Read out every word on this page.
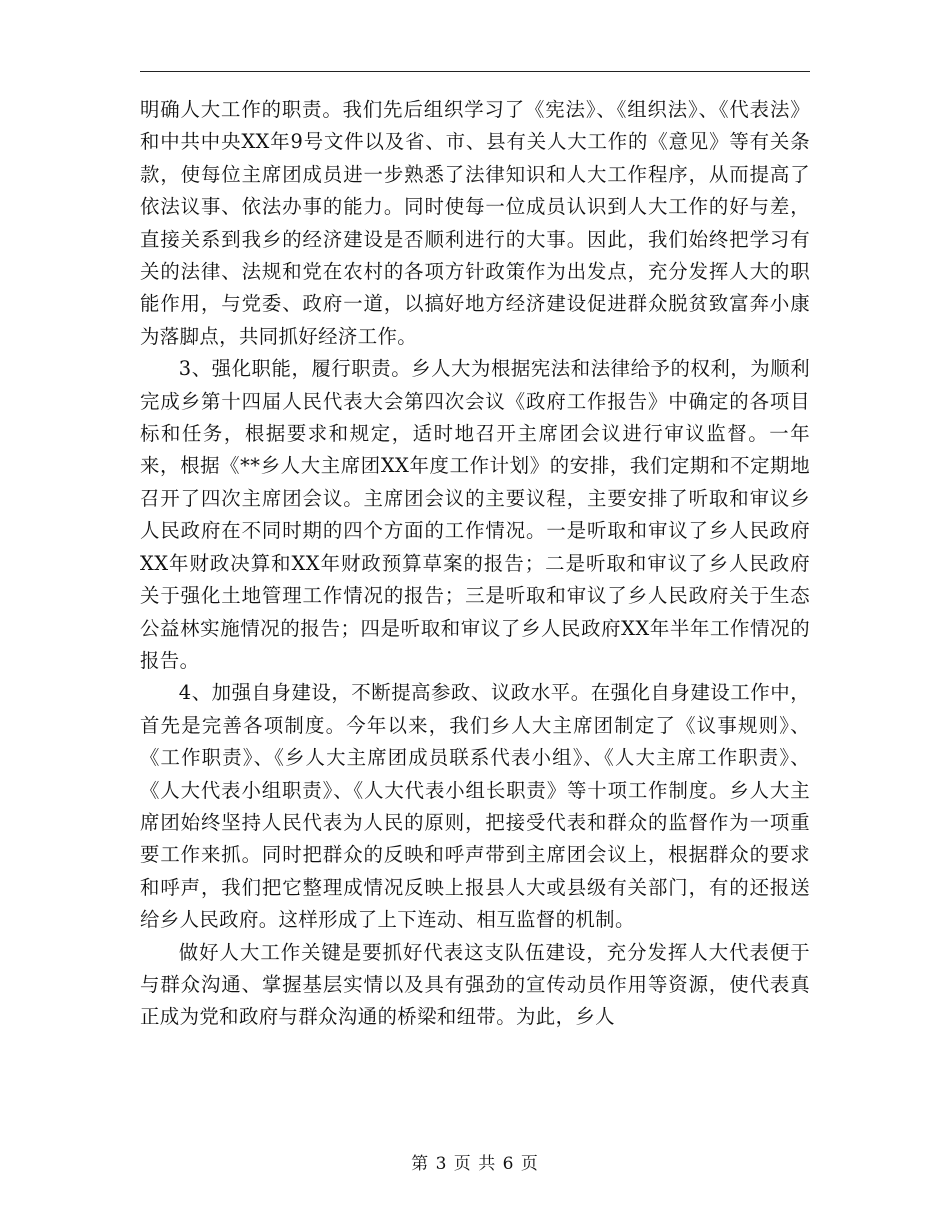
明确人大工作的职责。我们先后组织学习了《宪法》、《组织法》、《代表法》和中共中央XX年9号文件以及省、市、县有关人大工作的《意见》等有关条款，使每位主席团成员进一步熟悉了法律知识和人大工作程序，从而提高了依法议事、依法办事的能力。同时使每一位成员认识到人大工作的好与差，直接关系到我乡的经济建设是否顺利进行的大事。因此，我们始终把学习有关的法律、法规和党在农村的各项方针政策作为出发点，充分发挥人大的职能作用，与党委、政府一道，以搞好地方经济建设促进群众脱贫致富奔小康为落脚点，共同抓好经济工作。

3、强化职能，履行职责。乡人大为根据宪法和法律给予的权利，为顺利完成乡第十四届人民代表大会第四次会议《政府工作报告》中确定的各项目标和任务，根据要求和规定，适时地召开主席团会议进行审议监督。一年来，根据《**乡人大主席团XX年度工作计划》的安排，我们定期和不定期地召开了四次主席团会议。主席团会议的主要议程，主要安排了听取和审议乡人民政府在不同时期的四个方面的工作情况。一是听取和审议了乡人民政府XX年财政决算和XX年财政预算草案的报告；二是听取和审议了乡人民政府关于强化土地管理工作情况的报告；三是听取和审议了乡人民政府关于生态公益林实施情况的报告；四是听取和审议了乡人民政府XX年半年工作情况的报告。

4、加强自身建设，不断提高参政、议政水平。在强化自身建设工作中，首先是完善各项制度。今年以来，我们乡人大主席团制定了《议事规则》、《工作职责》、《乡人大主席团成员联系代表小组》、《人大主席工作职责》、《人大代表小组职责》、《人大代表小组长职责》等十项工作制度。乡人大主席团始终坚持人民代表为人民的原则，把接受代表和群众的监督作为一项重要工作来抓。同时把群众的反映和呼声带到主席团会议上，根据群众的要求和呼声，我们把它整理成情况反映上报县人大或县级有关部门，有的还报送给乡人民政府。这样形成了上下连动、相互监督的机制。

做好人大工作关键是要抓好代表这支队伍建设，充分发挥人大代表便于与群众沟通、掌握基层实情以及具有强劲的宣传动员作用等资源，使代表真正成为党和政府与群众沟通的桥梁和纽带。为此，乡人

第 3 页 共 6 页
